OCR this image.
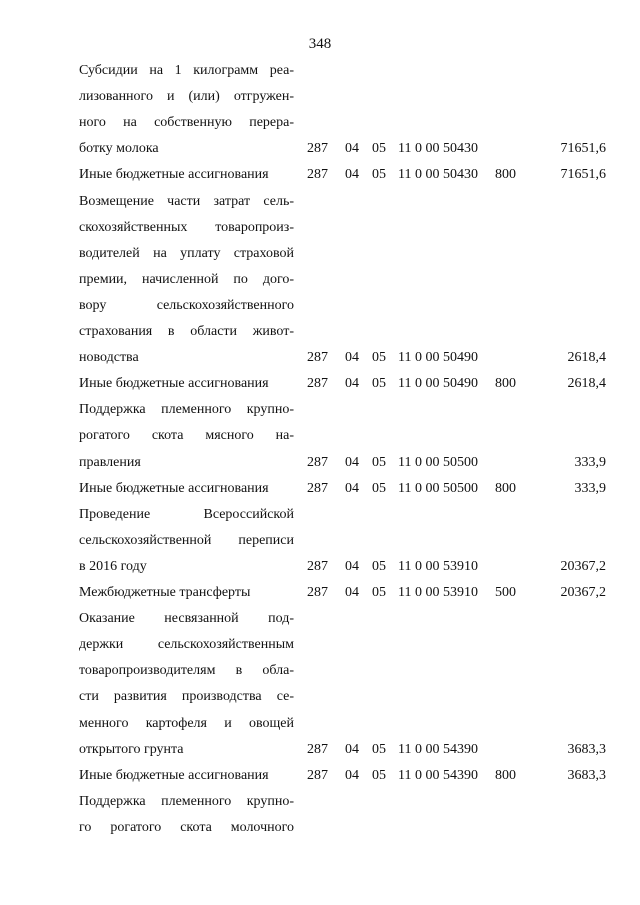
348
Субсидии на 1 килограмм реа-
лизованного и (или) отгружен-
ного на собственную перера-
ботку молока	287 04 05 11 0 00 50430	71651,6
Иные бюджетные ассигнования	287 04 05 11 0 00 50430 800	71651,6
Возмещение части затрат сель-
скохозяйственных товаропроиз-
водителей на уплату страховой
премии, начисленной по дого-
вору сельскохозяйственного
страхования в области живот-
новодства	287 04 05 11 0 00 50490	2618,4
Иные бюджетные ассигнования	287 04 05 11 0 00 50490 800	2618,4
Поддержка племенного крупно-
рогатого скота мясного на-
правления	287 04 05 11 0 00 50500	333,9
Иные бюджетные ассигнования	287 04 05 11 0 00 50500 800	333,9
Проведение Всероссийской
сельскохозяйственной переписи
в 2016 году	287 04 05 11 0 00 53910	20367,2
Межбюджетные трансферты	287 04 05 11 0 00 53910 500	20367,2
Оказание несвязанной под-
держки сельскохозяйственным
товаропроизводителям в обла-
сти развития производства се-
менного картофеля и овощей
открытого грунта	287 04 05 11 0 00 54390	3683,3
Иные бюджетные ассигнования	287 04 05 11 0 00 54390 800	3683,3
Поддержка племенного крупно-
го рогатого скота молочного
